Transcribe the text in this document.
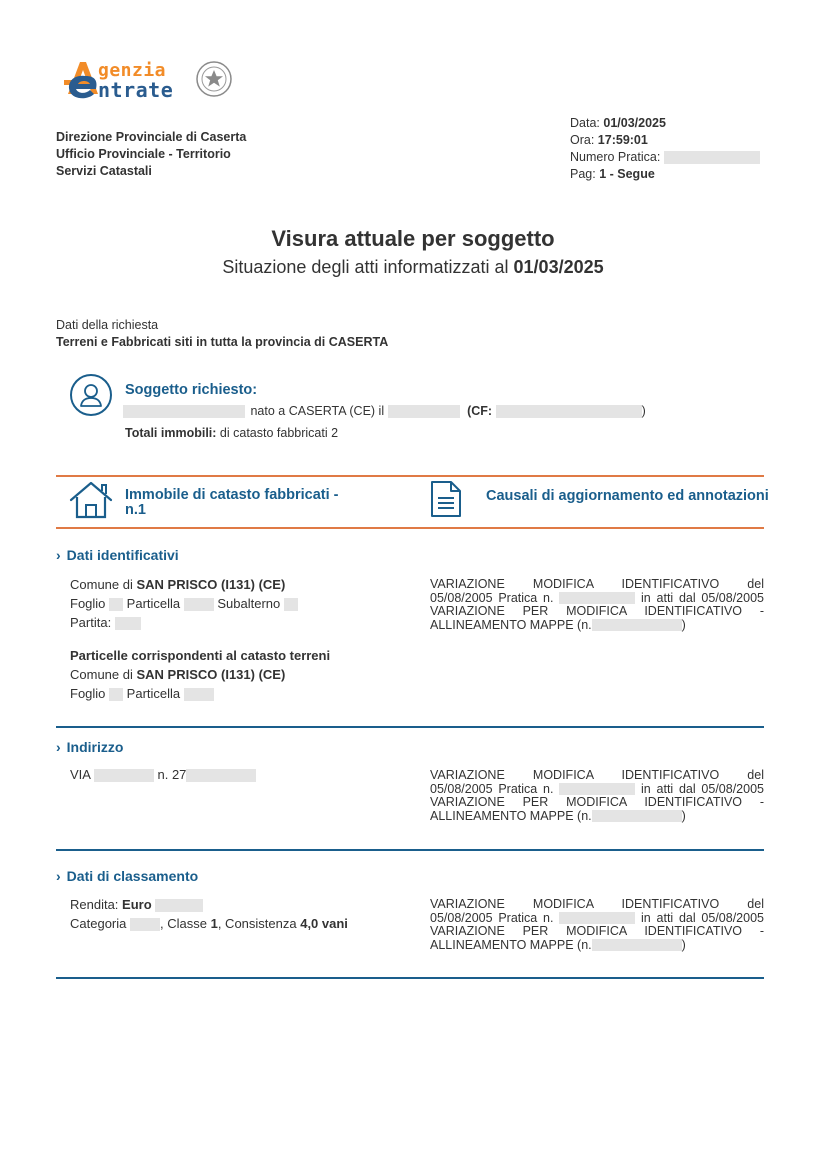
genzia
ntrate
Direzione Provinciale di Caserta
Ufficio Provinciale - Territorio
Servizi Catastali
Data: 01/03/2025
Ora: 17:59:01
Numero Pratica:
Pag: 1 - Segue
Visura attuale per soggetto
Situazione degli atti informatizzati al 01/03/2025
Dati della richiesta
Terreni e Fabbricati siti in tutta la provincia di CASERTA
Soggetto richiesto:
nato a CASERTA (CE) il	(CF:	)
Totali immobili: di catasto fabbricati 2
Immobile di catasto fabbricati -
n.1
Causali di aggiornamento ed annotazioni
› Dati identificativi
Comune di SAN PRISCO (I131) (CE)
Foglio Particella	Subalterno
Partita:
Particelle corrispondenti al catasto terreni
Comune di SAN PRISCO (I131) (CE)
Foglio Particella
VARIAZIONE MODIFICA IDENTIFICATIVO del
05/08/2005 Pratica n.	in atti dal 05/08/2005
VARIAZIONE PER MODIFICA IDENTIFICATIVO -
ALLINEAMENTO MAPPE (n.	)
› Indirizzo
VIA	n. 27	VARIAZIONE MODIFICA IDENTIFICATIVO del
05/08/2005 Pratica n.	in atti dal 05/08/2005
VARIAZIONE PER MODIFICA IDENTIFICATIVO -
ALLINEAMENTO MAPPE (n.	)
› Dati di classamento
Rendita: Euro
Categoria	, Classe 1, Consistenza 4,0 vani
VARIAZIONE MODIFICA IDENTIFICATIVO del
05/08/2005 Pratica n.	in atti dal 05/08/2005
VARIAZIONE PER MODIFICA IDENTIFICATIVO -
ALLINEAMENTO MAPPE (n.	)
